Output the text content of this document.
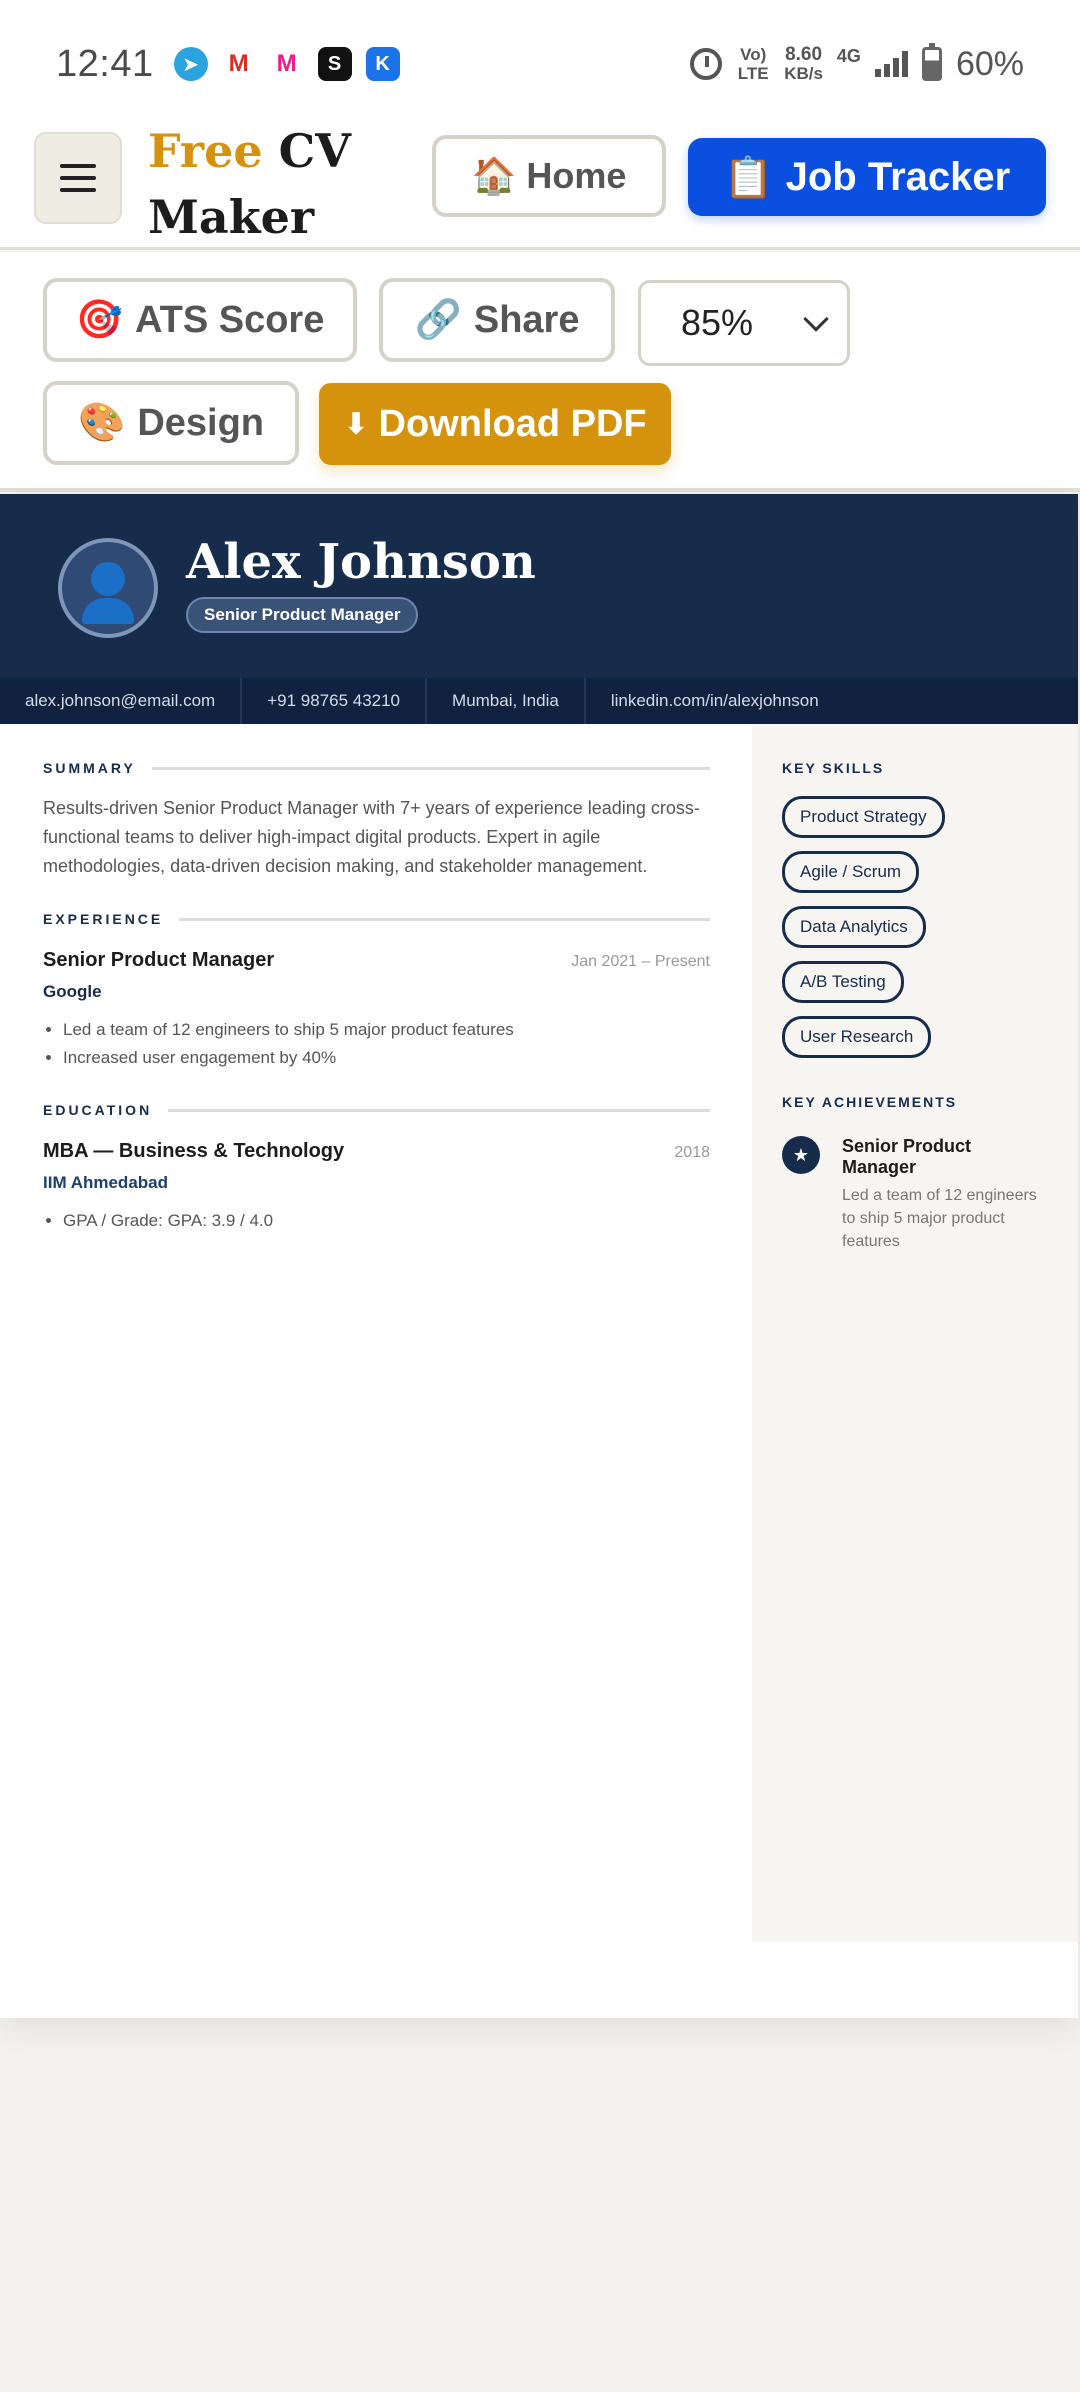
12:41	➤	M M	S	K	Vo) LTE
8.60
KB/s
4G	60%
Free CV Maker
🏠 Home 📋 Job Tracker
🎯 ATS Score 🔗 Share	85%
🎨 Design	⬇ Download PDF
Alex Johnson
Senior Product Manager
alex.johnson@email.com	+91 98765 43210	Mumbai, India	linkedin.com/in/alexjohnson
SUMMARY

Results-driven Senior Product Manager with 7+ years of experience leading cross-functional teams to deliver high-impact digital products. Expert in agile methodologies, data-driven decision making, and stakeholder management.

EXPERIENCE
Senior Product Manager	Jan 2021 – Present
Google
• Led a team of 12 engineers to ship 5 major product features
• Increased user engagement by 40%
EDUCATION
MBA — Business & Technology	2018
IIM Ahmedabad
• GPA / Grade: GPA: 3.9 / 4.0
KEY SKILLS
Product Strategy
Agile / Scrum
Data Analytics
A/B Testing
User Research
KEY ACHIEVEMENTS
★	Senior Product Manager
Led a team of 12 engineers to ship 5 major product features
